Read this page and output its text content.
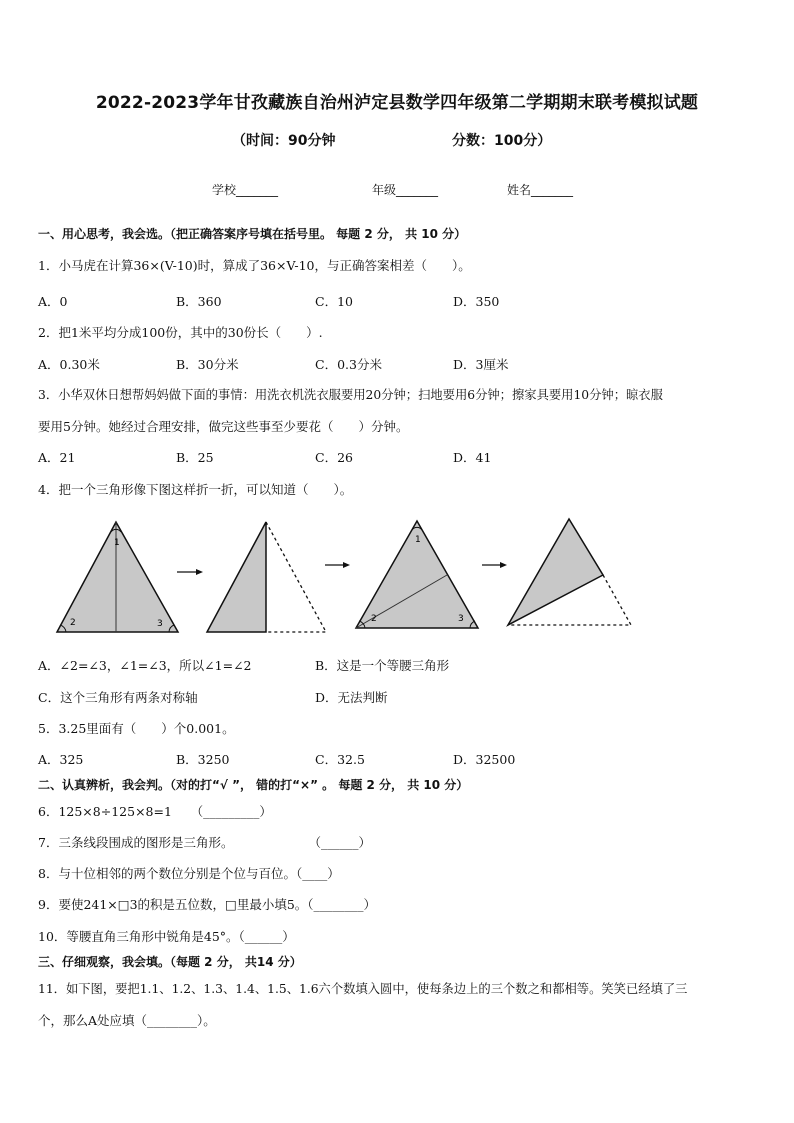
2022-2023学年甘孜藏族自治州泸定县数学四年级第二学期期末联考模拟试题
（时间：90分钟	分数：100分）
学校_______	年级_______	姓名_______
一、用心思考，我会选。（把正确答案序号填在括号里。 每题 2 分， 共 10 分）
1．小马虎在计算36×(V-10)时，算成了36×V-10，与正确答案相差（　　）。
A．0	B．360	C．10	D．350
2．把1米平均分成100份，其中的30份长（　　）.
A．0.30米	B．30分米	C．0.3分米	D．3厘米
3．小华双休日想帮妈妈做下面的事情：用洗衣机洗衣服要用20分钟；扫地要用6分钟；擦家具要用10分钟；晾衣服
要用5分钟。她经过合理安排，做完这些事至少要花（　　）分钟。
A．21	B．25	C．26	D．41
4．把一个三角形像下图这样折一折，可以知道（　　）。
1
2	3
1
2	3
A．∠2=∠3，∠1=∠3，所以∠1=∠2	B．这是一个等腰三角形
C．这个三角形有两条对称轴	D．无法判断
5．3.25里面有（　　）个0.001。
A．325	B．3250	C．32.5	D．32500
二、认真辨析，我会判。（对的打“√ ”， 错的打“×” 。 每题 2 分， 共 10 分）
6．125×8÷125×8=1　　（_________）
7．三条线段围成的图形是三角形。　　　　　　　（______）
8．与十位相邻的两个数位分别是个位与百位。（____）
9．要使241×□3的积是五位数，□里最小填5。（________）
10．等腰直角三角形中锐角是45°。（______）
三、仔细观察，我会填。（每题 2 分， 共14 分）
11．如下图，要把1.1、1.2、1.3、1.4、1.5、1.6六个数填入圆中，使每条边上的三个数之和都相等。笑笑已经填了三
个，那么A处应填（________）。
